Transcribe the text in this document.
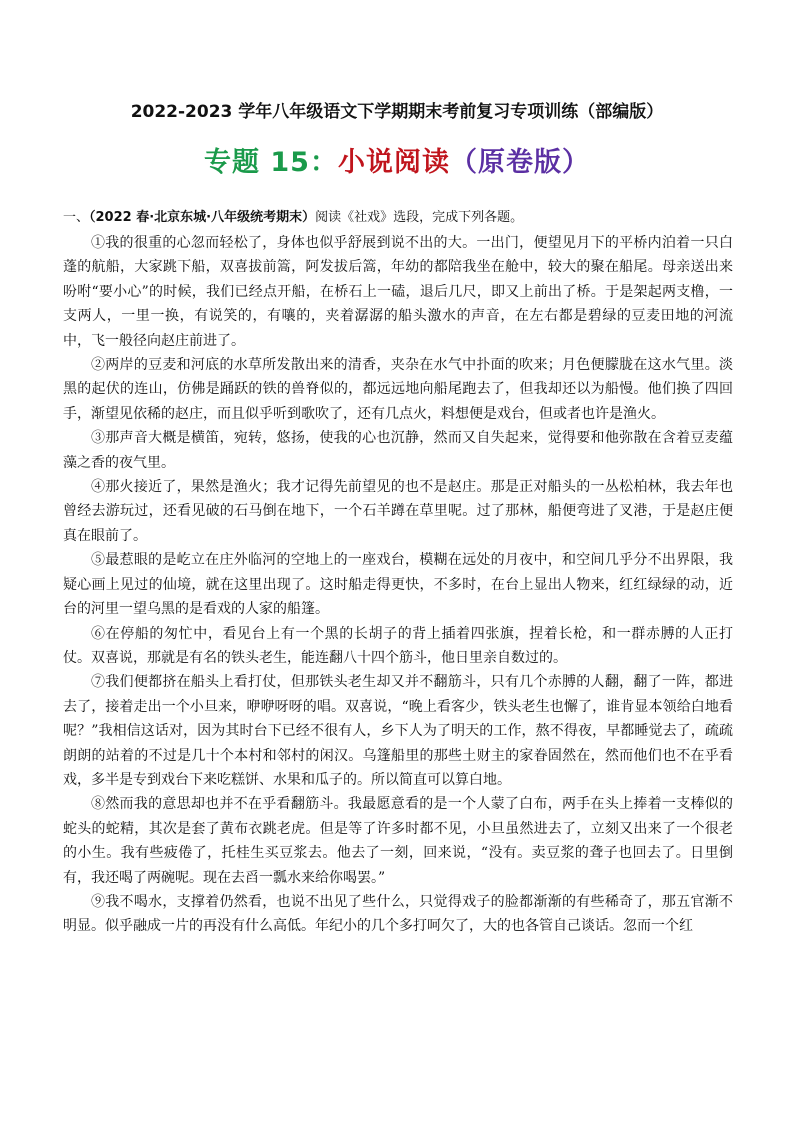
2022-2023 学年八年级语文下学期期末考前复习专项训练（部编版）
专题 15：小说阅读（原卷版）
一、（2022 春·北京东城·八年级统考期末）阅读《社戏》选段，完成下列各题。

①我的很重的心忽而轻松了，身体也似乎舒展到说不出的大。一出门，便望见月下的平桥内泊着一只白蓬的航船，大家跳下船，双喜拔前篙，阿发拔后篙，年幼的都陪我坐在舱中，较大的聚在船尾。母亲送出来吩咐“要小心”的时候，我们已经点开船，在桥石上一磕，退后几尺，即又上前出了桥。于是架起两支橹，一支两人，一里一换，有说笑的，有嚷的，夹着潺潺的船头激水的声音，在左右都是碧绿的豆麦田地的河流中，飞一般径向赵庄前进了。

②两岸的豆麦和河底的水草所发散出来的清香，夹杂在水气中扑面的吹来；月色便朦胧在这水气里。淡黑的起伏的连山，仿佛是踊跃的铁的兽脊似的，都远远地向船尾跑去了，但我却还以为船慢。他们换了四回手，渐望见依稀的赵庄，而且似乎听到歌吹了，还有几点火，料想便是戏台，但或者也许是渔火。

③那声音大概是横笛，宛转，悠扬，使我的心也沉静，然而又自失起来，觉得要和他弥散在含着豆麦蕴藻之香的夜气里。

④那火接近了，果然是渔火；我才记得先前望见的也不是赵庄。那是正对船头的一丛松柏林，我去年也曾经去游玩过，还看见破的石马倒在地下，一个石羊蹲在草里呢。过了那林，船便弯进了叉港，于是赵庄便真在眼前了。

⑤最惹眼的是屹立在庄外临河的空地上的一座戏台，模糊在远处的月夜中，和空间几乎分不出界限，我疑心画上见过的仙境，就在这里出现了。这时船走得更快，不多时，在台上显出人物来，红红绿绿的动，近台的河里一望乌黑的是看戏的人家的船篷。

⑥在停船的匆忙中，看见台上有一个黑的长胡子的背上插着四张旗，捏着长枪，和一群赤膊的人正打仗。双喜说，那就是有名的铁头老生，能连翻八十四个筋斗，他日里亲自数过的。

⑦我们便都挤在船头上看打仗，但那铁头老生却又并不翻筋斗，只有几个赤膊的人翻，翻了一阵，都进去了，接着走出一个小旦来，咿咿呀呀的唱。双喜说，“晚上看客少，铁头老生也懈了，谁肯显本领给白地看呢？”我相信这话对，因为其时台下已经不很有人，乡下人为了明天的工作，熬不得夜，早都睡觉去了，疏疏朗朗的站着的不过是几十个本村和邻村的闲汉。乌篷船里的那些土财主的家眷固然在，然而他们也不在乎看戏，多半是专到戏台下来吃糕饼、水果和瓜子的。所以简直可以算白地。

⑧然而我的意思却也并不在乎看翻筋斗。我最愿意看的是一个人蒙了白布，两手在头上捧着一支棒似的蛇头的蛇精，其次是套了黄布衣跳老虎。但是等了许多时都不见，小旦虽然进去了，立刻又出来了一个很老的小生。我有些疲倦了，托桂生买豆浆去。他去了一刻，回来说，“没有。卖豆浆的聋子也回去了。日里倒有，我还喝了两碗呢。现在去舀一瓢水来给你喝罢。”

⑨我不喝水，支撑着仍然看，也说不出见了些什么，只觉得戏子的脸都渐渐的有些稀奇了，那五官渐不明显。似乎融成一片的再没有什么高低。年纪小的几个多打呵欠了，大的也各管自己谈话。忽而一个红
